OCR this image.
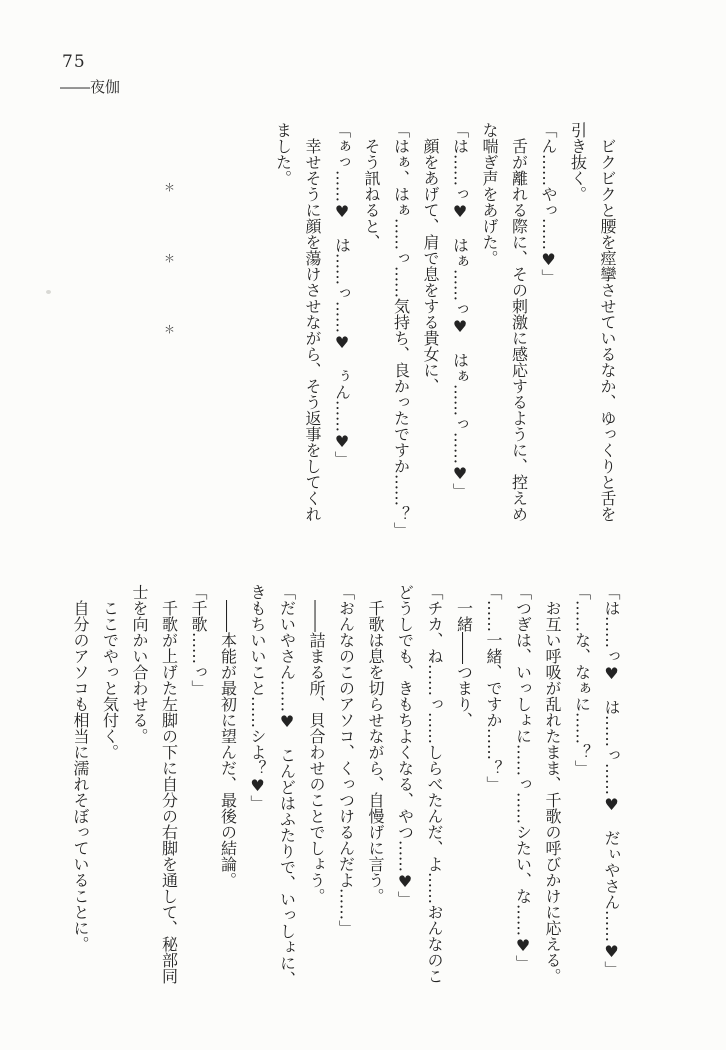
75
――夜伽
ビクビクと腰を痙攣させているなか、ゆっくりと舌を
引き抜く。
「ん……やっ……♥」
舌が離れる際に、その刺激に感応するように、控えめ
な喘ぎ声をあげた。
「は……っ♥　はぁ……っ♥　はぁ……っ……♥」
顔をあげて、肩で息をする貴女に、
「はぁ、はぁ……っ……気持ち、良かったですか……？」
そう訊ねると、
「ぁっ……♥　は……っ……♥　ぅん……♥」
幸せそうに顔を蕩けさせながら、そう返事をしてくれ
ました。
＊
＊
＊
「は……っ♥　は……っ……♥　だぃやさん……♥」
「……な、なぁに……？」
お互い呼吸が乱れたまま、千歌の呼びかけに応える。
「つぎは、いっしょに……っ……シたい、な……♥」
「……一緒、ですか……？」
一緒――つまり、
「チカ、ね……っ……しらべたんだ、よ……おんなのこ
どうしでも、きもちよくなる、やつ……♥」
千歌は息を切らせながら、自慢げに言う。
「おんなのこのアソコ、くっつけるんだよ……」
――詰まる所、貝合わせのことでしょう。
「だいやさん……♥　こんどはふたりで、いっしょに、
きもちいいこと……シよ？♥」
――本能が最初に望んだ、最後の結論。
「千歌……っ」
千歌が上げた左脚の下に自分の右脚を通して、秘部同
士を向かい合わせる。
ここでやっと気付く。
自分のアソコも相当に濡れそぼっていることに。
